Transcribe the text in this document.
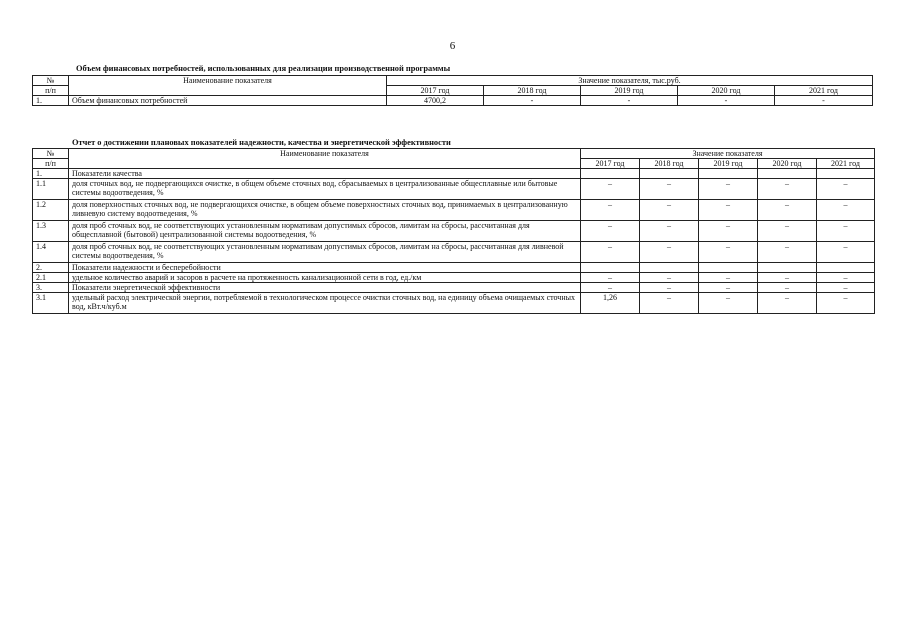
6
Объем финансовых потребностей, использованных для реализации производственной программы
№	Наименование показателя	Значение показателя, тыс.руб.				
п/п		2017 год	2018 год	2019 год	2020 год	2021 год
1.	Объем финансовых потребностей	4700,2	-	-	-	-
Отчет о достижении плановых показателей надежности, качества и энергетической эффективности
№	Наименование показателя	Значение показателя				
п/п		2017 год	2018 год	2019 год	2020 год	2021 год
1.	Показатели качества					
1.1	доля сточных вод, не подвергающихся очистке, в общем объеме сточных вод, сбрасываемых в централизованные общесплавные или бытовые системы водоотведения, %	–	–	–	–	–
1.2	доля поверхностных сточных вод, не подвергающихся очистке, в общем объеме поверхностных сточных вод, принимаемых в централизованную ливневую систему водоотведения, %	–	–	–	–	–
1.3	доля проб сточных вод, не соответствующих установленным нормативам допустимых сбросов, лимитам на сбросы, рассчитанная для общесплавной (бытовой) централизованной системы водоотведения, %	–	–	–	–	–
1.4	доля проб сточных вод, не соответствующих установленным нормативам допустимых сбросов, лимитам на сбросы, рассчитанная для ливневой системы водоотведения, %	–	–	–	–	–
2.	Показатели надежности и бесперебойности					
2.1	удельное количество аварий и засоров в расчете на протяженность канализационной сети в год, ед./км	–	–	–	–	–
3.	Показатели энергетической эффективности	–	–	–	–	–
3.1	удельный расход электрической энергии, потребляемой в технологическом процессе очистки сточных вод, на единицу объема очищаемых сточных вод, кВт.ч/куб.м	1,26	–	–	–	–
